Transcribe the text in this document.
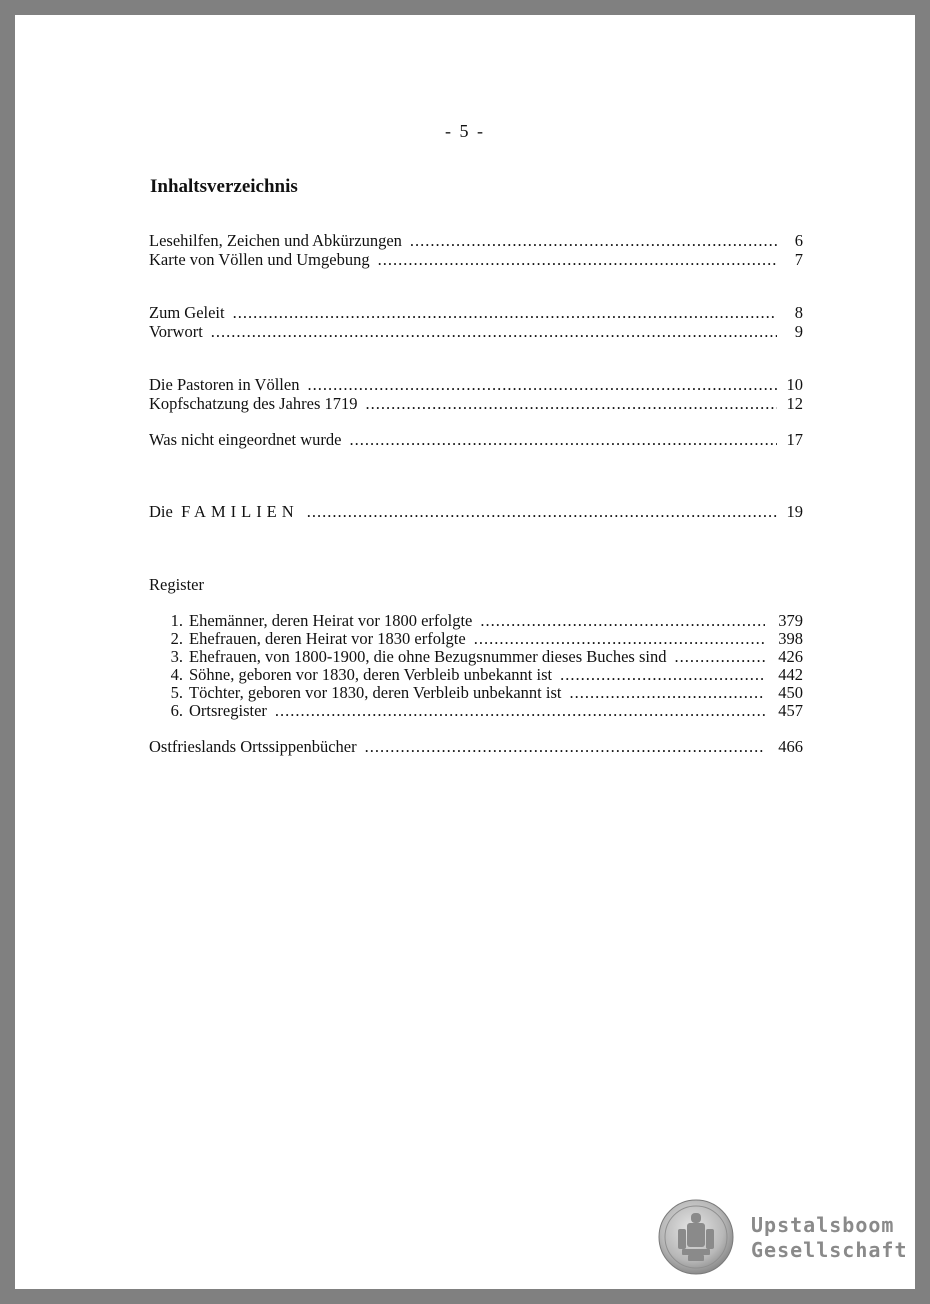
- 5 -
Inhaltsverzeichnis
Lesehilfen, Zeichen und Abkürzungen .....	6
Karte von Völlen und Umgebung .....	7
Zum Geleit .....	8
Vorwort .....	9
Die Pastoren in Völlen .....	10
Kopfschatzung des Jahres 1719 .....	12
Was nicht eingeordnet wurde .....	17
Die FAMILIEN .....	19
Register
1. Ehemänner, deren Heirat vor 1800 erfolgte .....	379
2. Ehefrauen, deren Heirat vor 1830 erfolgte .....	398
3. Ehefrauen, von 1800-1900, die ohne Bezugsnummer dieses Buches sind .....	426
4. Söhne, geboren vor 1830, deren Verbleib unbekannt ist .....	442
5. Töchter, geboren vor 1830, deren Verbleib unbekannt ist .....	450
6. Ortsregister .....	457
Ostfrieslands Ortssippenbücher .....	466
Upstalsboom
Gesellschaft
